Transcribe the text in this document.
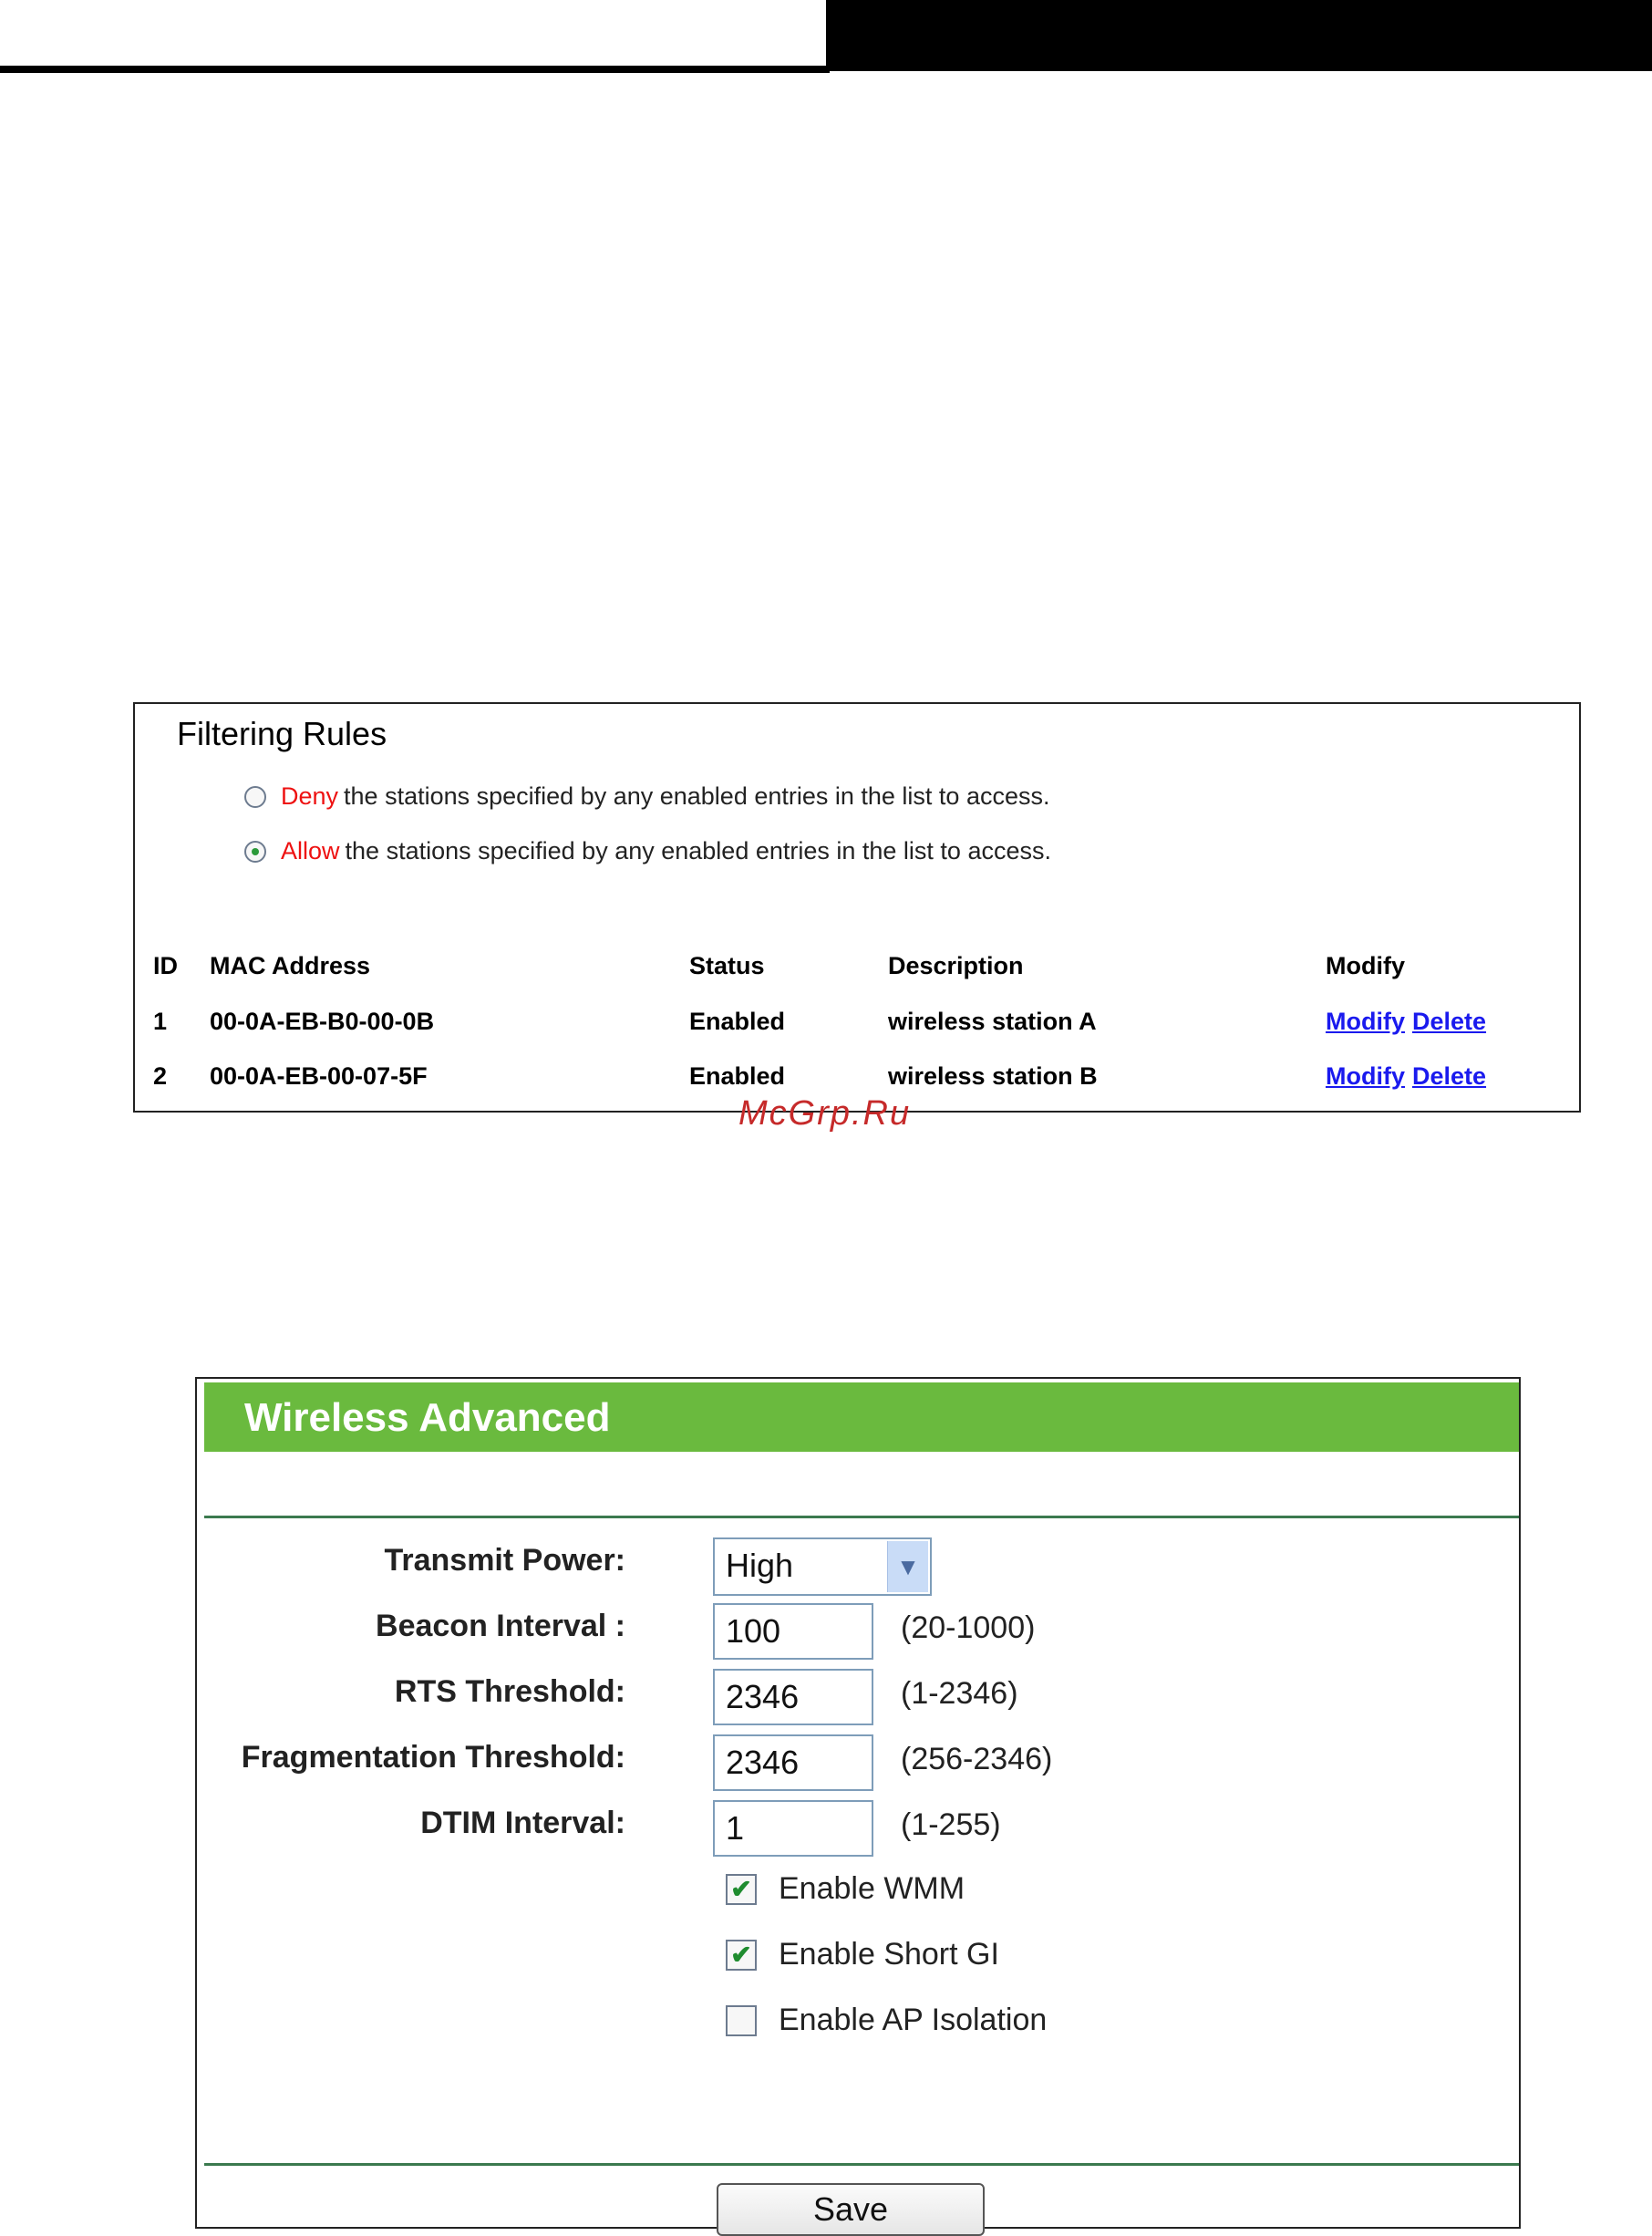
Filtering Rules
Deny the stations specified by any enabled entries in the list to access.
Allow the stations specified by any enabled entries in the list to access.
ID MAC Address	Status	Description	Modify
1 00-0A-EB-B0-00-0B	Enabled	wireless station A	Modify Delete
2 00-0A-EB-00-07-5F	Enabled	wireless station B	Modify Delete
McGrp.Ru
Wireless Advanced
Transmit Power:	High	▼
Beacon Interval :	100	(20-1000)
RTS Threshold:	2346	(1-2346)
Fragmentation Threshold:	2346	(256-2346)
DTIM Interval:	1	(1-255)
✔ Enable WMM
✔ Enable Short GI
Enable AP Isolation
Save
